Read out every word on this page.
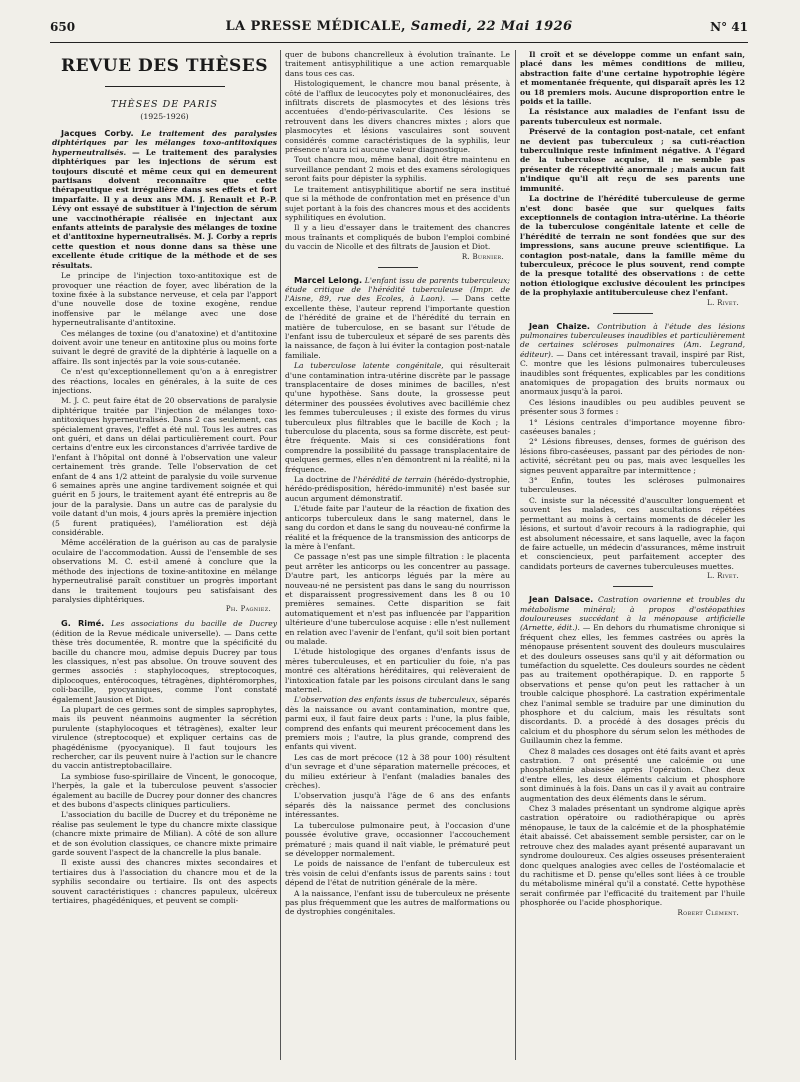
650	LA PRESSE MÉDICALE, Samedi, 22 Mai 1926	N° 41
REVUE DES THÈSES
THÈSES DE PARIS
(1925-1926)

Jacques Corby. Le traitement des paralysies diphtériques par les mélanges toxo-antitoxiques hyperneutralisés. — Le traitement des paralysies diphtériques par les injections de sérum est toujours discuté et même ceux qui en demeurent partisans doivent reconnaître que cette thérapeutique est irrégulière dans ses effets et fort imparfaite. Il y a deux ans MM. J. Renault et P.-P. Lévy ont essayé de substituer à l'injection de sérum une vaccinothérapie réalisée en injectant aux enfants atteints de paralysie des mélanges de toxine et d'antitoxine hyperneutralisés. M. J. Corby a repris cette question et nous donne dans sa thèse une excellente étude critique de la méthode et de ses résultats.

Le principe de l'injection toxo-antitoxique est de provoquer une réaction de foyer, avec libération de la toxine fixée à la substance nerveuse, et cela par l'apport d'une nouvelle dose de toxine exogène, rendue inoffensive par le mélange avec une dose hyperneutralisante d'antitoxine.

Ces mélanges de toxine (ou d'anatoxine) et d'antitoxine doivent avoir une teneur en antitoxine plus ou moins forte suivant le degré de gravité de la diphtérie à laquelle on a affaire. Ils sont injectés par la voie sous-cutanée.

Ce n'est qu'exceptionnellement qu'on a à enregistrer des réactions, locales en générales, à la suite de ces injections.

M. J. C. peut faire état de 20 observations de paralysie diphtérique traitée par l'injection de mélanges toxo-antitoxiques hyperneutralisés. Dans 2 cas seulement, cas spécialement graves, l'effet a été nul. Tous les autres cas ont guéri, et dans un délai particulièrement court. Pour certains d'entre eux les circonstances d'arrivée tardive de l'enfant à l'hôpital ont donné à l'observation une valeur certainement très grande. Telle l'observation de cet enfant de 4 ans 1/2 atteint de paralysie du voile survenue 6 semaines après une angine tardivement soignée et qui guérit en 5 jours, le traitement ayant été entrepris au 8e jour de la paralysie. Dans un autre cas de paralysie du voile datant d'un mois, 4 jours après la première injection (5 furent pratiquées), l'amélioration est déjà considérable.

Même accélération de la guérison au cas de paralysie oculaire de l'accommodation. Aussi de l'ensemble de ses observations M. C. est-il amené à conclure que la méthode des injections de toxine-antitoxine en mélange hyperneutralisé paraît constituer un progrès important dans le traitement toujours peu satisfaisant des paralysies diphtériques.

Ph. Pagniez.

G. Rimé. Les associations du bacille de Ducrey (édition de la Revue médicale universelle). — Dans cette thèse très documentée, R. montre que la spécificité du bacille du chancre mou, admise depuis Ducrey par tous les classiques, n'est pas absolue. On trouve souvent des germes associés : staphylocoques, streptocoques, diplocoques, entérocoques, tétragènes, diphtéromorphes, coli-bacille, pyocyaniques, comme l'ont constaté également Jausion et Diot.

La plupart de ces germes sont de simples saprophytes, mais ils peuvent néanmoins augmenter la sécrétion purulente (staphylocoques et tétragènes), exalter leur virulence (streptocoque) et expliquer certains cas de phagédénisme (pyocyanique). Il faut toujours les rechercher, car ils peuvent nuire à l'action sur le chancre du vaccin antistreptobacillaire.

La symbiose fuso-spirillaire de Vincent, le gonocoque, l'herpès, la gale et la tuberculose peuvent s'associer également au bacille de Ducrey pour donner des chancres et des bubons d'aspects cliniques particuliers.

L'association du bacille de Ducrey et du tréponème ne réalise pas seulement le type du chancre mixte classique (chancre mixte primaire de Milian). A côté de son allure et de son évolution classiques, ce chancre mixte primaire garde souvent l'aspect de la chancrelle la plus banale.

Il existe aussi des chancres mixtes secondaires et tertiaires dus à l'association du chancre mou et de la syphilis secondaire ou tertiaire. Ils ont des aspects souvent caractéristiques : chancres papuleux, ulcéreux tertiaires, phagédéniques, et peuvent se compli-

quer de bubons chancrelleux à évolution traînante. Le traitement antisyphilitique a une action remarquable dans tous ces cas.

Histologiquement, le chancre mou banal présente, à côté de l'afflux de leucocytes poly et mononucléaires, des infiltrats discrets de plasmocytes et des lésions très accentuées d'endo-périvascularite. Ces lésions se retrouvent dans les divers chancres mixtes ; alors que plasmocytes et lésions vasculaires sont souvent considérés comme caractéristiques de la syphilis, leur présence n'aura ici aucune valeur diagnostique.

Tout chancre mou, même banal, doit être maintenu en surveillance pendant 2 mois et des examens sérologiques seront faits pour dépister la syphilis.

Le traitement antisyphilitique abortif ne sera institué que si la méthode de confrontation met en présence d'un sujet portant à la fois des chancres mous et des accidents syphilitiques en évolution.

Il y a lieu d'essayer dans le traitement des chancres mous traînants et compliqués de bubon l'emploi combiné du vaccin de Nicolle et des filtrats de Jausion et Diot.

R. Burnier.

Marcel Lelong. L'enfant issu de parents tuberculeux; étude critique de l'hérédité tuberculeuse (Impr. de l'Aisne, 89, rue des Ecoles, à Laon). — Dans cette excellente thèse, l'auteur reprend l'importante question de l'hérédité de graine et de l'hérédité du terrain en matière de tuberculose, en se basant sur l'étude de l'enfant issu de tuberculeux et séparé de ses parents dès la naissance, de façon à lui éviter la contagion post-natale familiale.

La tuberculose latente congénitale, qui résulterait d'une contamination intra-utérine discrète par le passage transplacentaire de doses minimes de bacilles, n'est qu'une hypothèse. Sans doute, la grossesse peut déterminer des poussées évolutives avec bacillémie chez les femmes tuberculeuses ; il existe des formes du virus tuberculeux plus filtrables que le bacille de Koch ; la tuberculose du placenta, sous sa forme discrète, est peut-être fréquente. Mais si ces considérations font comprendre la possibilité du passage transplacentaire de quelques germes, elles n'en démontrent ni la réalité, ni la fréquence.

La doctrine de l'hérédité de terrain (hérédo-dystrophie, hérédo-prédisposition, hérédo-immunité) n'est basée sur aucun argument démonstratif.

L'étude faite par l'auteur de la réaction de fixation des anticorps tuberculeux dans le sang maternel, dans le sang du cordon et dans le sang du nouveau-né confirme la réalité et la fréquence de la transmission des anticorps de la mère à l'enfant.

Ce passage n'est pas une simple filtration : le placenta peut arrêter les anticorps ou les concentrer au passage. D'autre part, les anticorps légués par la mère au nouveau-né ne persistent pas dans le sang du nourrisson et disparaissent progressivement dans les 8 ou 10 premières semaines. Cette disparition se fait automatiquement et n'est pas influencée par l'apparition ultérieure d'une tuberculose acquise : elle n'est nullement en relation avec l'avenir de l'enfant, qu'il soit bien portant ou malade.

L'étude histologique des organes d'enfants issus de mères tuberculeuses, et en particulier du foie, n'a pas montré ces altérations héréditaires, qui relèveraient de l'intoxication fatale par les poisons circulant dans le sang maternel.

L'observation des enfants issus de tuberculeux, séparés dès la naissance ou avant contamination, montre que, parmi eux, il faut faire deux parts : l'une, la plus faible, comprend des enfants qui meurent précocement dans les premiers mois ; l'autre, la plus grande, comprend des enfants qui vivent.

Les cas de mort précoce (12 à 38 pour 100) résultent d'un sevrage et d'une séparation maternelle précoces, et du milieu extérieur à l'enfant (maladies banales des crèches).

L'observation jusqu'à l'âge de 6 ans des enfants séparés dès la naissance permet des conclusions intéressantes.

La tuberculose pulmonaire peut, à l'occasion d'une poussée évolutive grave, occasionner l'accouchement prématuré ; mais quand il naît viable, le prématuré peut se développer normalement.

Le poids de naissance de l'enfant de tuberculeux est très voisin de celui d'enfants issus de parents sains : tout dépend de l'état de nutrition générale de la mère.

A la naissance, l'enfant issu de tuberculeux ne présente pas plus fréquemment que les autres de malformations ou de dystrophies congénitales.

Il croît et se développe comme un enfant sain, placé dans les mêmes conditions de milieu, abstraction faite d'une certaine hypotrophie légère et momentanée fréquente, qui disparaît après les 12 ou 18 premiers mois. Aucune disproportion entre le poids et la taille.

La résistance aux maladies de l'enfant issu de parents tuberculeux est normale.

Préservé de la contagion post-natale, cet enfant ne devient pas tuberculeux ; sa cuti-réaction tuberculinique reste infiniment négative. A l'égard de la tuberculose acquise, il ne semble pas présenter de réceptivité anormale ; mais aucun fait n'indique qu'il ait reçu de ses parents une immunité.

La doctrine de l'hérédité tuberculeuse de germe n'est donc basée que sur quelques faits exceptionnels de contagion intra-utérine. La théorie de la tuberculose congénitale latente et celle de l'hérédité de terrain ne sont fondées que sur des impressions, sans aucune preuve scientifique. La contagion post-natale, dans la famille même du tuberculeux, précoce le plus souvent, rend compte de la presque totalité des observations : de cette notion étiologique exclusive découlent les principes de la prophylaxie antituberculeuse chez l'enfant.

L. Rivet.

Jean Chaize. Contribution à l'étude des lésions pulmonaires tuberculeuses inaudibles et particulièrement de certaines scléroses pulmonaires (Am. Legrand, éditeur). — Dans cet intéressant travail, inspiré par Rist, C. montre que les lésions pulmonaires tuberculeuses inaudibles sont fréquentes, explicables par les conditions anatomiques de propagation des bruits normaux ou anormaux jusqu'à la paroi.

Ces lésions inaudibles ou peu audibles peuvent se présenter sous 3 formes :

1° Lésions centrales d'importance moyenne fibro-caséeuses banales ;

2° Lésions fibreuses, denses, formes de guérison des lésions fibro-caséeuses, passant par des périodes de non-activité, sécrétant peu ou pas, mais avec lesquelles les signes peuvent apparaître par intermittence ;

3° Enfin, toutes les scléroses pulmonaires tuberculeuses.

C. insiste sur la nécessité d'ausculter longuement et souvent les malades, ces auscultations répétées permettant au moins à certains moments de déceler les lésions, et surtout d'avoir recours à la radiographie, qui est absolument nécessaire, et sans laquelle, avec la façon de faire actuelle, un médecin d'assurances, même instruit et consciencieux, peut parfaitement accepter des candidats porteurs de cavernes tuberculeuses muettes.

L. Rivet.

Jean Dalsace. Castration ovarienne et troubles du métabolisme minéral; à propos d'ostéopathies douloureuses succédant à la ménopause artificielle (Arnette, édit.). — En dehors du rhumatisme chronique si fréquent chez elles, les femmes castrées ou après la ménopause présentent souvent des douleurs musculaires et des douleurs osseuses sans qu'il y ait déformation ou tuméfaction du squelette. Ces douleurs sourdes ne cèdent pas au traitement opothérapique. D. en rapporte 5 observations et pense qu'on peut les rattacher à un trouble calcique phosphoré. La castration expérimentale chez l'animal semble se traduire par une diminution du phosphore et du calcium, mais les résultats sont discordants. D. a procédé à des dosages précis du calcium et du phosphore du sérum selon les méthodes de Guillaumin chez la femme.

Chez 8 malades ces dosages ont été faits avant et après castration. 7 ont présenté une calcémie ou une phosphatémie abaissée après l'opération. Chez deux d'entre elles, les deux éléments calcium et phosphore sont diminués à la fois. Dans un cas il y avait au contraire augmentation des deux éléments dans le sérum.

Chez 3 malades présentant un syndrome algique après castration opératoire ou radiothérapique ou après ménopause, le taux de la calcémie et de la phosphatémie était abaissé. Cet abaissement semble persister, car on le retrouve chez des malades ayant présenté auparavant un syndrome douloureux. Ces algies osseuses présenteraient donc quelques analogies avec celles de l'ostéomalacie et du rachitisme et D. pense qu'elles sont liées à ce trouble du métabolisme minéral qu'il a constaté. Cette hypothèse serait confirmée par l'efficacité du traitement par l'huile phosphorée ou l'acide phosphorique.

Robert Clément.
